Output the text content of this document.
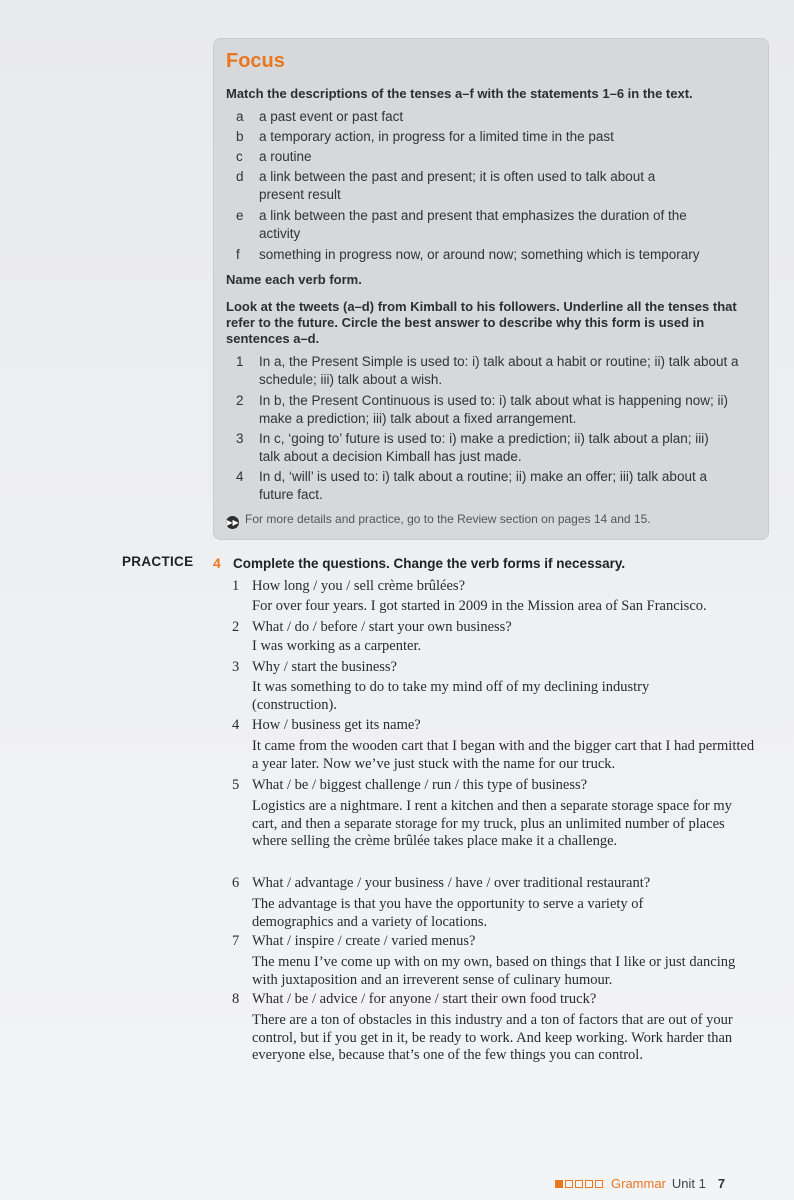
Focus

Match the descriptions of the tenses a–f with the statements 1–6 in the text.

a	a past event or past fact
b	a temporary action, in progress for a limited time in the past
c	a routine
d	a link between the past and present; it is often used to talk about a present result
e	a link between the past and present that emphasizes the duration of the activity
f	something in progress now, or around now; something which is temporary

Name each verb form.

Look at the tweets (a–d) from Kimball to his followers. Underline all the tenses that refer to the future. Circle the best answer to describe why this form is used in sentences a–d.

1	In a, the Present Simple is used to: i) talk about a habit or routine; ii) talk about a schedule; iii) talk about a wish.
2	In b, the Present Continuous is used to: i) talk about what is happening now; ii) make a prediction; iii) talk about a fixed arrangement.
3	In c, ‘going to’ future is used to: i) make a prediction; ii) talk about a plan; iii) talk about a decision Kimball has just made.
4	In d, ‘will’ is used to: i) talk about a routine; ii) make an offer; iii) talk about a future fact.
▶▶ For more details and practice, go to the Review section on pages 14 and 15.
PRACTICE 4 Complete the questions. Change the verb forms if necessary.
1 How long / you / sell crème brûlées?
For over four years. I got started in 2009 in the Mission area of San Francisco.
2 What / do / before / start your own business?
I was working as a carpenter.
3 Why / start the business?
It was something to do to take my mind off of my declining industry (construction).
4 How / business get its name?
It came from the wooden cart that I began with and the bigger cart that I had permitted a year later. Now we’ve just stuck with the name for our truck.
5 What / be / biggest challenge / run / this type of business?
Logistics are a nightmare. I rent a kitchen and then a separate storage space for my cart, and then a separate storage for my truck, plus an unlimited number of places where selling the crème brûlée takes place make it a challenge.
6 What / advantage / your business / have / over traditional restaurant?
The advantage is that you have the opportunity to serve a variety of demographics and a variety of locations.
7 What / inspire / create / varied menus?
The menu I’ve come up with on my own, based on things that I like or just dancing with juxtaposition and an irreverent sense of culinary humour.
8 What / be / advice / for anyone / start their own food truck?
There are a ton of obstacles in this industry and a ton of factors that are out of your control, but if you get in it, be ready to work. And keep working. Work harder than everyone else, because that’s one of the few things you can control.
Grammar Unit 1 7
